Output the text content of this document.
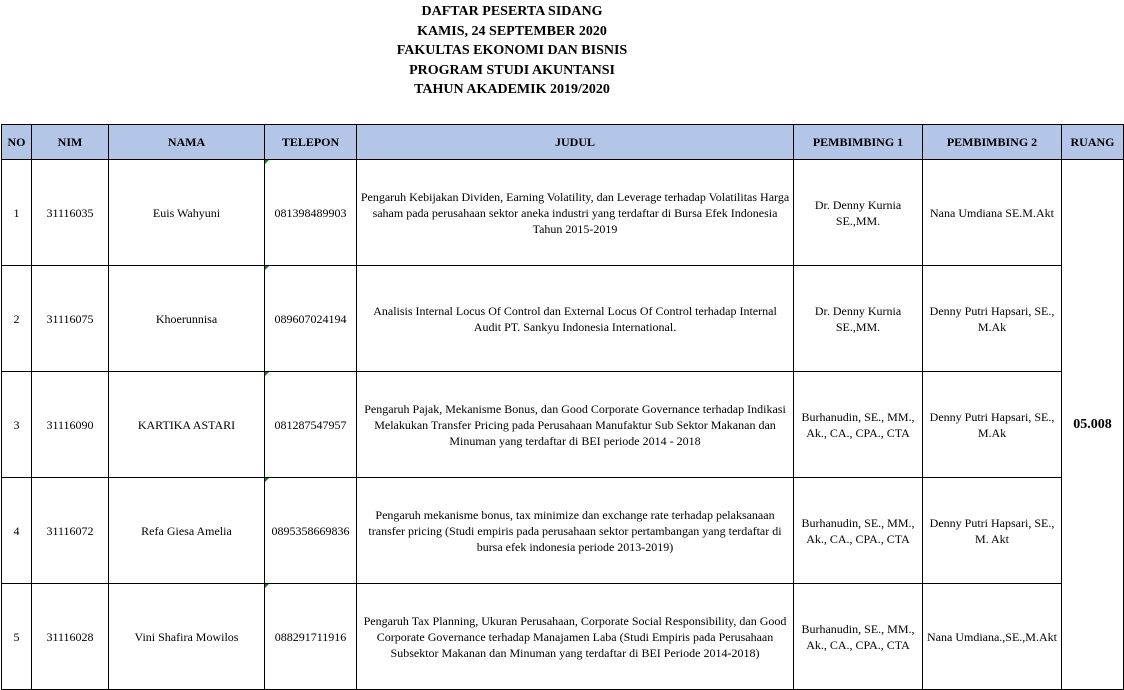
DAFTAR PESERTA SIDANG
KAMIS, 24 SEPTEMBER 2020
FAKULTAS EKONOMI DAN BISNIS
PROGRAM STUDI AKUNTANSI
TAHUN AKADEMIK 2019/2020
NO	NIM	NAMA	TELEPON	JUDUL	PEMBIMBING 1	PEMBIMBING 2	RUANG
1	31116035	Euis Wahyuni	081398489903	Pengaruh Kebijakan Dividen, Earning Volatility, dan Leverage terhadap Volatilitas Harga saham pada perusahaan sektor aneka industri yang terdaftar di Bursa Efek Indonesia Tahun 2015-2019	Dr. Denny Kurnia SE.,MM.	Nana Umdiana SE.M.Akt	05.008
2	31116075	Khoerunnisa	089607024194	Analisis Internal Locus Of Control dan External Locus Of Control terhadap Internal Audit PT. Sankyu Indonesia International.	Dr. Denny Kurnia SE.,MM.	Denny Putri Hapsari, SE., M.Ak	
3	31116090	KARTIKA ASTARI	081287547957	Pengaruh Pajak, Mekanisme Bonus, dan Good Corporate Governance terhadap Indikasi Melakukan Transfer Pricing pada Perusahaan Manufaktur Sub Sektor Makanan dan Minuman yang terdaftar di BEI periode 2014 - 2018	Burhanudin, SE., MM., Ak., CA., CPA., CTA	Denny Putri Hapsari, SE., M.Ak	
4	31116072	Refa Giesa Amelia	0895358669836	Pengaruh mekanisme bonus, tax minimize dan exchange rate terhadap pelaksanaan transfer pricing (Studi empiris pada perusahaan sektor pertambangan yang terdaftar di bursa efek indonesia periode 2013-2019)	Burhanudin, SE., MM., Ak., CA., CPA., CTA	Denny Putri Hapsari, SE., M. Akt	
5	31116028	Vini Shafira Mowilos	088291711916	Pengaruh Tax Planning, Ukuran Perusahaan, Corporate Social Responsibility, dan Good Corporate Governance terhadap Manajamen Laba (Studi Empiris pada Perusahaan Subsektor Makanan dan Minuman yang terdaftar di BEI Periode 2014-2018)	Burhanudin, SE., MM., Ak., CA., CPA., CTA	Nana Umdiana.,SE.,M.Akt	
